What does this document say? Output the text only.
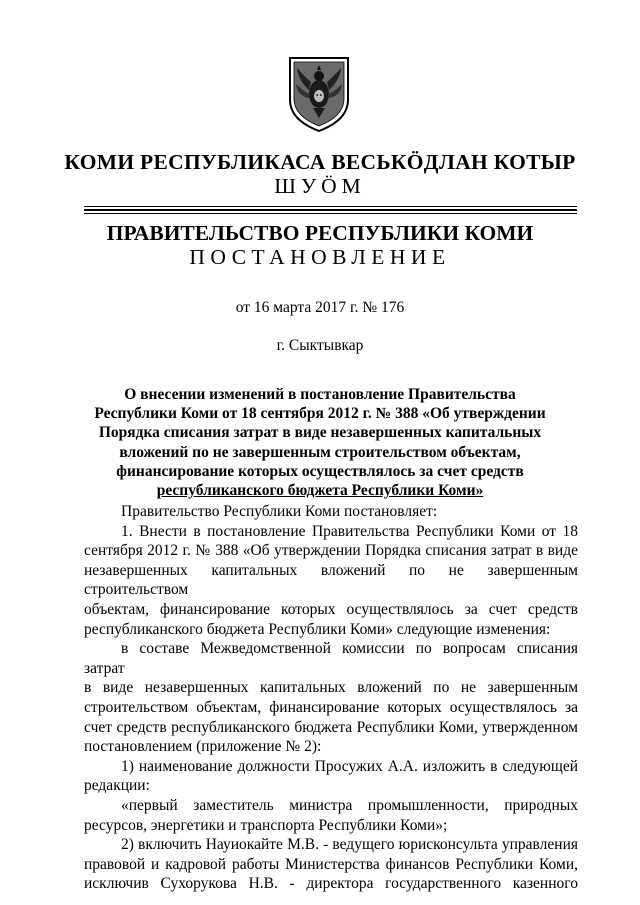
КОМИ РЕСПУБЛИКАСА ВЕСЬКӦДЛАН КОТЫР
ШУӦМ
ПРАВИТЕЛЬСТВО РЕСПУБЛИКИ КОМИ
ПОСТАНОВЛЕНИЕ
от 16 марта 2017 г. № 176
г. Сыктывкар
О внесении изменений в постановление Правительства
Республики Коми от 18 сентября 2012 г. № 388 «Об утверждении
Порядка списания затрат в виде незавершенных капитальных
вложений по не завершенным строительством объектам,
финансирование которых осуществлялось за счет средств
республиканского бюджета Республики Коми»
Правительство Республики Коми постановляет:
1. Внести в постановление Правительства Республики Коми от 18
сентября 2012 г. № 388 «Об утверждении Порядка списания затрат в виде
незавершенных капитальных вложений по не завершенным строительством
объектам, финансирование которых осуществлялось за счет средств
республиканского бюджета Республики Коми» следующие изменения:
в составе Межведомственной комиссии по вопросам списания затрат
в виде незавершенных капитальных вложений по не завершенным
строительством объектам, финансирование которых осуществлялось за
счет средств республиканского бюджета Республики Коми, утвержденном
постановлением (приложение № 2):
1) наименование должности Просужих А.А. изложить в следующей
редакции:
«первый заместитель министра промышленности, природных
ресурсов, энергетики и транспорта Республики Коми»;
2) включить Науиокайте М.В. - ведущего юрисконсульта управления
правовой и кадровой работы Министерства финансов Республики Коми,
исключив Сухорукова Н.В. - директора государственного казенного
